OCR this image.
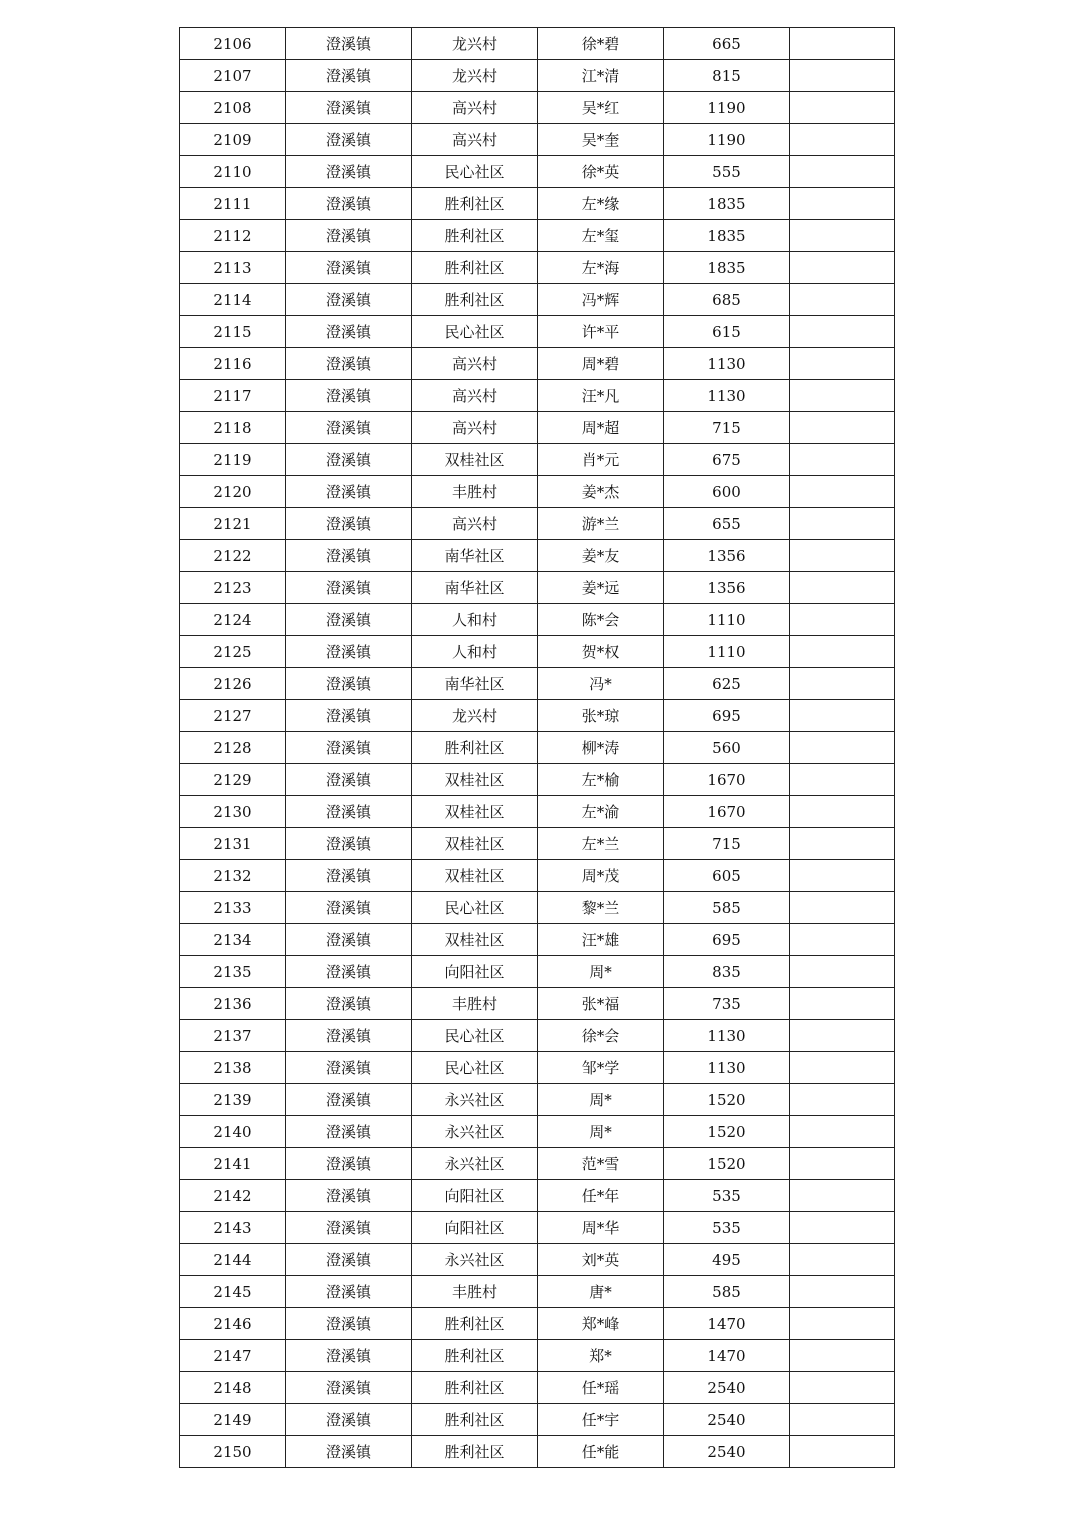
2106	澄溪镇	龙兴村	徐*碧	665	
2107	澄溪镇	龙兴村	江*清	815	
2108	澄溪镇	高兴村	吴*红	1190	
2109	澄溪镇	高兴村	吴*奎	1190	
2110	澄溪镇	民心社区	徐*英	555	
2111	澄溪镇	胜利社区	左*缘	1835	
2112	澄溪镇	胜利社区	左*玺	1835	
2113	澄溪镇	胜利社区	左*海	1835	
2114	澄溪镇	胜利社区	冯*辉	685	
2115	澄溪镇	民心社区	许*平	615	
2116	澄溪镇	高兴村	周*碧	1130	
2117	澄溪镇	高兴村	汪*凡	1130	
2118	澄溪镇	高兴村	周*超	715	
2119	澄溪镇	双桂社区	肖*元	675	
2120	澄溪镇	丰胜村	姜*杰	600	
2121	澄溪镇	高兴村	游*兰	655	
2122	澄溪镇	南华社区	姜*友	1356	
2123	澄溪镇	南华社区	姜*远	1356	
2124	澄溪镇	人和村	陈*会	1110	
2125	澄溪镇	人和村	贺*权	1110	
2126	澄溪镇	南华社区	冯*	625	
2127	澄溪镇	龙兴村	张*琼	695	
2128	澄溪镇	胜利社区	柳*涛	560	
2129	澄溪镇	双桂社区	左*榆	1670	
2130	澄溪镇	双桂社区	左*渝	1670	
2131	澄溪镇	双桂社区	左*兰	715	
2132	澄溪镇	双桂社区	周*茂	605	
2133	澄溪镇	民心社区	黎*兰	585	
2134	澄溪镇	双桂社区	汪*雄	695	
2135	澄溪镇	向阳社区	周*	835	
2136	澄溪镇	丰胜村	张*福	735	
2137	澄溪镇	民心社区	徐*会	1130	
2138	澄溪镇	民心社区	邹*学	1130	
2139	澄溪镇	永兴社区	周*	1520	
2140	澄溪镇	永兴社区	周*	1520	
2141	澄溪镇	永兴社区	范*雪	1520	
2142	澄溪镇	向阳社区	任*年	535	
2143	澄溪镇	向阳社区	周*华	535	
2144	澄溪镇	永兴社区	刘*英	495	
2145	澄溪镇	丰胜村	唐*	585	
2146	澄溪镇	胜利社区	郑*峰	1470	
2147	澄溪镇	胜利社区	郑*	1470	
2148	澄溪镇	胜利社区	任*瑶	2540	
2149	澄溪镇	胜利社区	任*宇	2540	
2150	澄溪镇	胜利社区	任*能	2540	
